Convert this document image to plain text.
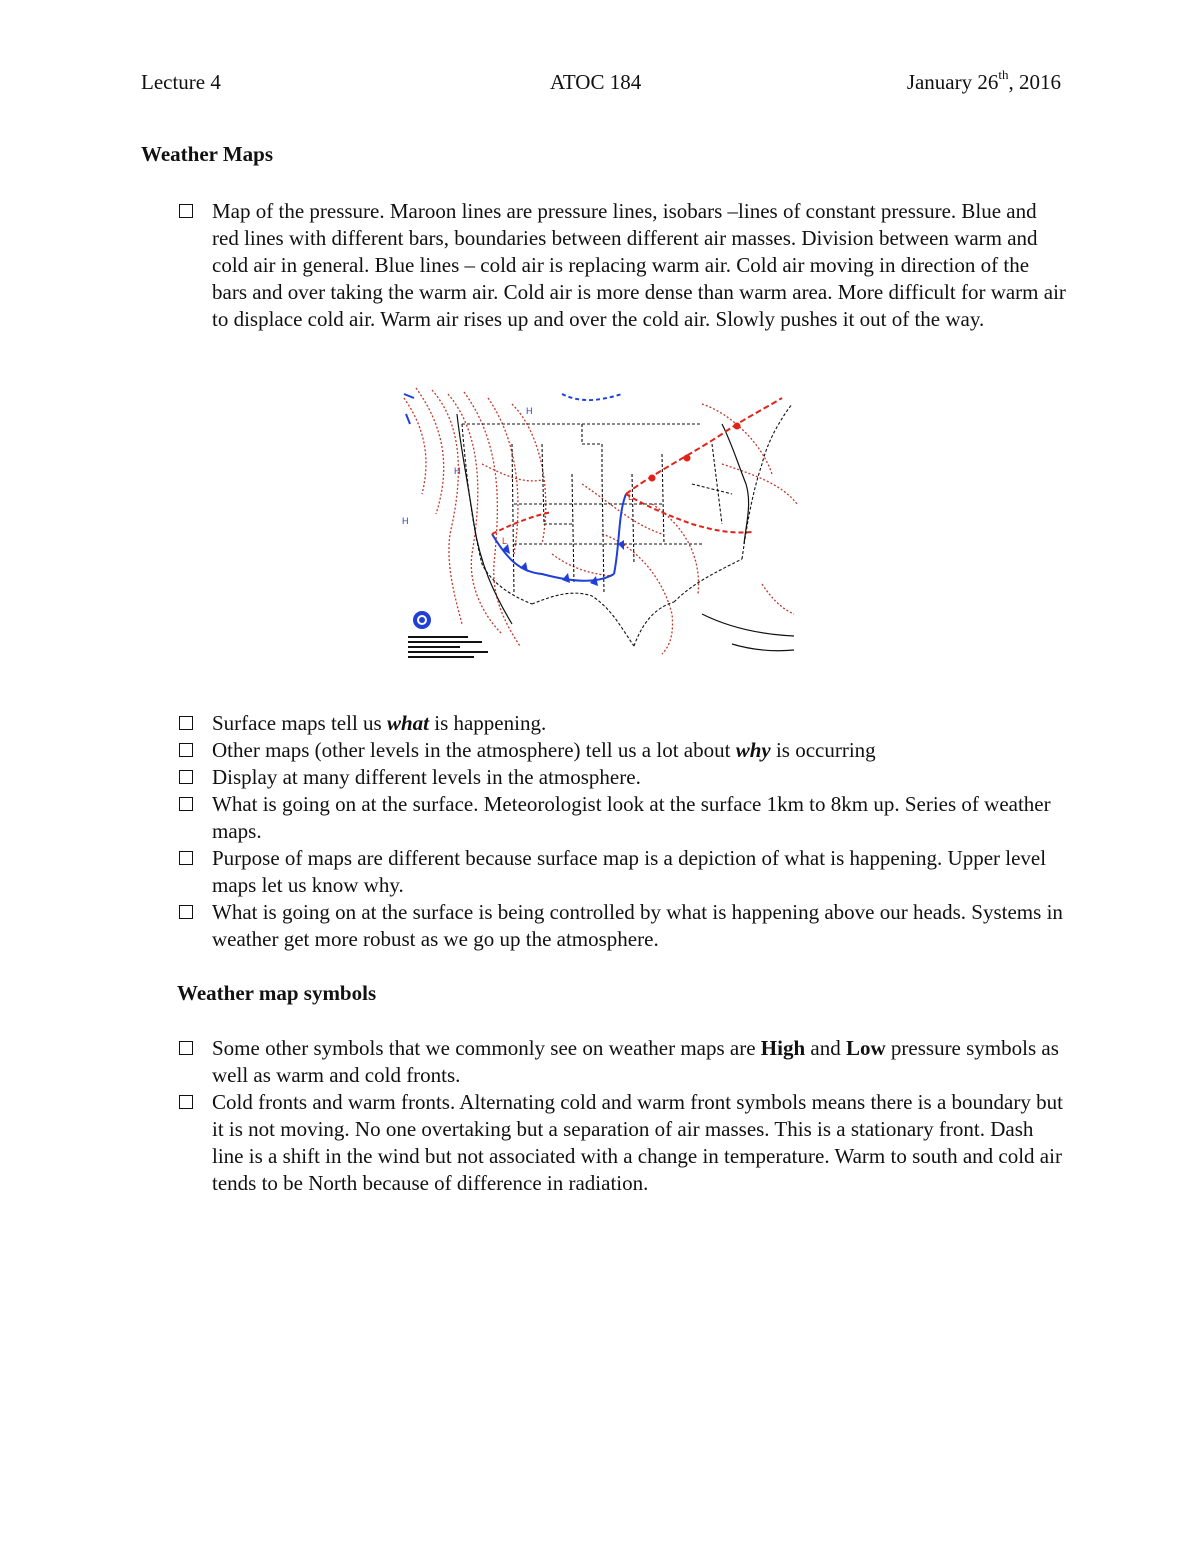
Lecture 4	ATOC 184	January 26th, 2016
Weather Maps
Map of the pressure. Maroon lines are pressure lines, isobars –lines of constant pressure. Blue and red lines with different bars, boundaries between different air masses. Division between warm and cold air in general. Blue lines – cold air is replacing warm air. Cold air moving in direction of the bars and over taking the warm air. Cold air is more dense than warm area. More difficult for warm air to displace cold air. Warm air rises up and over the cold air. Slowly pushes it out of the way.
H
H
L
L
H
Surface maps tell us what is happening.
Other maps (other levels in the atmosphere) tell us a lot about why is occurring
Display at many different levels in the atmosphere.
What is going on at the surface. Meteorologist look at the surface 1km to 8km up. Series of weather maps.
Purpose of maps are different because surface map is a depiction of what is happening. Upper level maps let us know why.
What is going on at the surface is being controlled by what is happening above our heads. Systems in weather get more robust as we go up the atmosphere.
Weather map symbols
Some other symbols that we commonly see on weather maps are High and Low pressure symbols as well as warm and cold fronts.
Cold fronts and warm fronts. Alternating cold and warm front symbols means there is a boundary but it is not moving. No one overtaking but a separation of air masses. This is a stationary front. Dash line is a shift in the wind but not associated with a change in temperature. Warm to south and cold air tends to be North because of difference in radiation.
